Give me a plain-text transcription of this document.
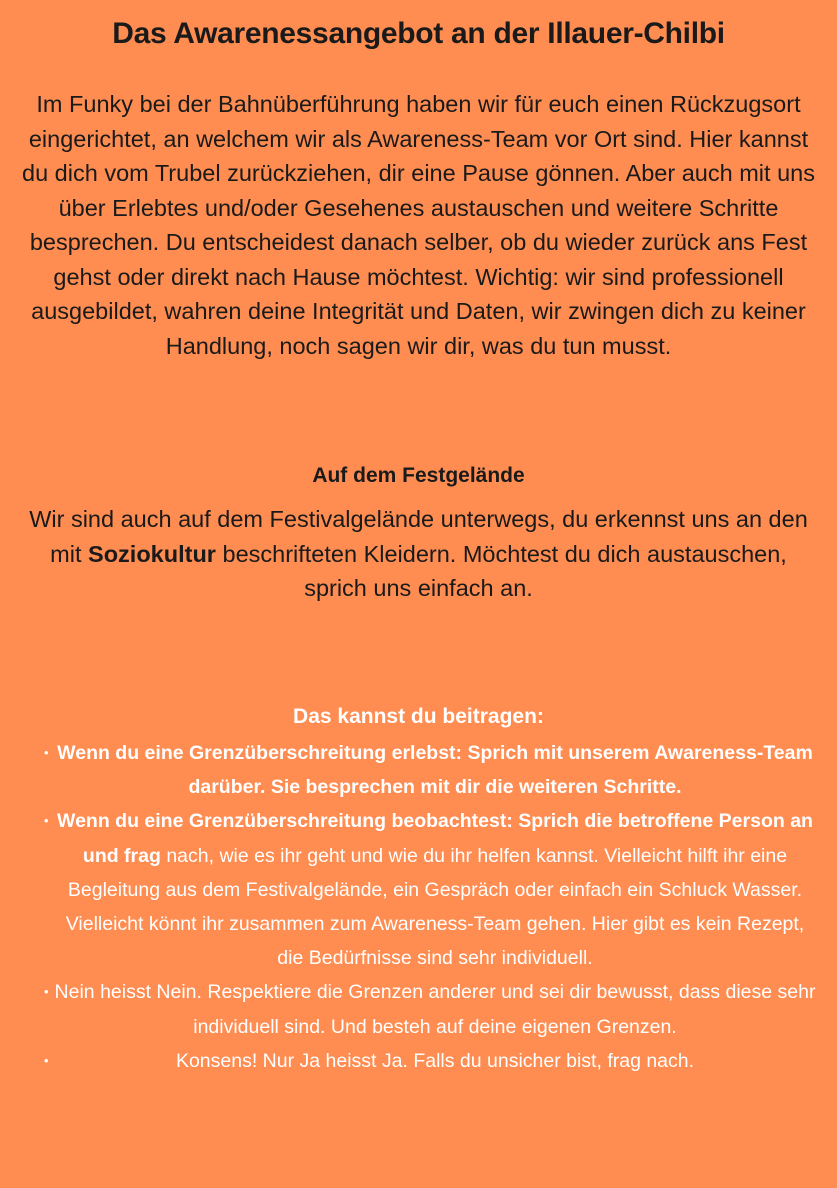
Das Awarenessangebot an der Illauer-Chilbi

Im Funky bei der Bahnüberführung haben wir für euch einen Rückzugsort eingerichtet, an welchem wir als Awareness-Team vor Ort sind. Hier kannst du dich vom Trubel zurückziehen, dir eine Pause gönnen. Aber auch mit uns über Erlebtes und/oder Gesehenes austauschen und weitere Schritte besprechen. Du entscheidest danach selber, ob du wieder zurück ans Fest gehst oder direkt nach Hause möchtest. Wichtig: wir sind professionell ausgebildet, wahren deine Integrität und Daten, wir zwingen dich zu keiner Handlung, noch sagen wir dir, was du tun musst.

Auf dem Festgelände

Wir sind auch auf dem Festivalgelände unterwegs, du erkennst uns an den mit Soziokultur beschrifteten Kleidern. Möchtest du dich austauschen, sprich uns einfach an.

Das kannst du beitragen:
• Wenn du eine Grenzüberschreitung erlebst: Sprich mit unserem Awareness-Team darüber. Sie besprechen mit dir die weiteren Schritte.
• Wenn du eine Grenzüberschreitung beobachtest: Sprich die betroffene Person an und frag nach, wie es ihr geht und wie du ihr helfen kannst. Vielleicht hilft ihr eine Begleitung aus dem Festivalgelände, ein Gespräch oder einfach ein Schluck Wasser. Vielleicht könnt ihr zusammen zum Awareness-Team gehen. Hier gibt es kein Rezept, die Bedürfnisse sind sehr individuell.
• Nein heisst Nein. Respektiere die Grenzen anderer und sei dir bewusst, dass diese sehr individuell sind. Und besteh auf deine eigenen Grenzen.
•	Konsens! Nur Ja heisst Ja. Falls du unsicher bist, frag nach.
